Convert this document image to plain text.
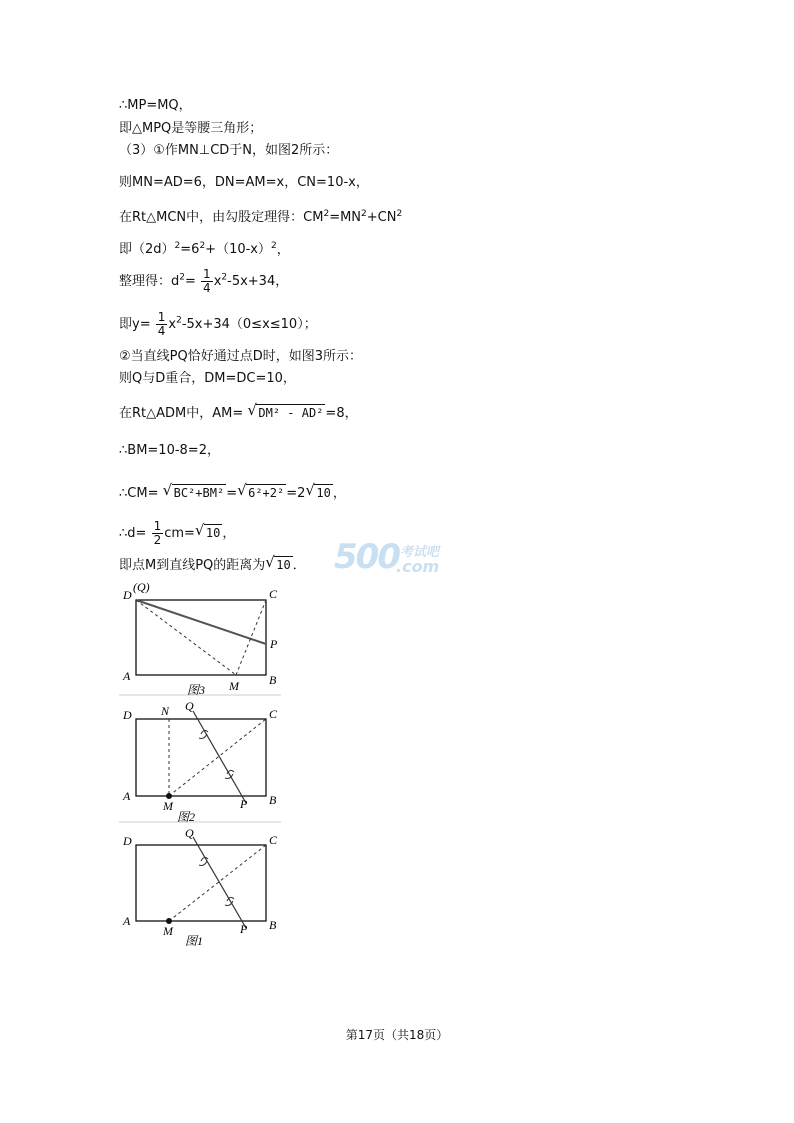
∴MP=MQ，
即△MPQ是等腰三角形；
（3）①作MN⊥CD于N，如图2所示：
则MN=AD=6，DN=AM=x，CN=10-x，
在Rt△MCN中，由勾股定理得：$CM^2=MN^2+CN^2$
即$(2d)^2=6^2+(10-x)^2$，
整理得：$d^2= \frac{1}{4} x^2-5x+34$，
即$y= \frac{1}{4} x^2-5x+34(0\le x\le 10)$；
②当直线PQ恰好通过点D时，如图3所示：
则Q与D重合，DM=DC=10，
在Rt△ADM中，AM= √ DM² - AD² =8，
∴BM=10-8=2，
∴CM= √ BC²+BM² = √ 6²+2² =2 √ 10 ，
∴d= $\frac{1}{2} cm=$ √ 10 ，
即点M到直线PQ的距离为 √ 10 ． 500 考试吧
.com
D
(Q)	C
P
A
M	B
图3
D N Q
C
A
M	P B
图2
D
Q	C
A
M	P B
图1
第17页（共18页）
